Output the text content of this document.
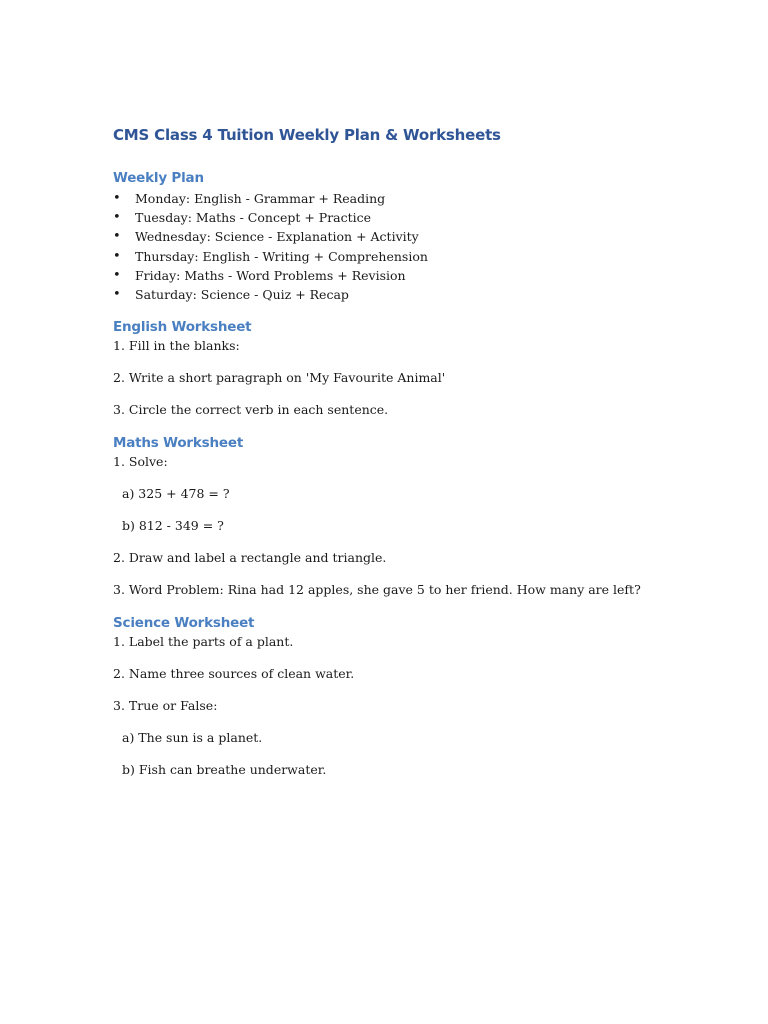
CMS Class 4 Tuition Weekly Plan & Worksheets
Weekly Plan
• Monday: English - Grammar + Reading
• Tuesday: Maths - Concept + Practice
• Wednesday: Science - Explanation + Activity
• Thursday: English - Writing + Comprehension
• Friday: Maths - Word Problems + Revision
• Saturday: Science - Quiz + Recap
English Worksheet

1. Fill in the blanks:

2. Write a short paragraph on 'My Favourite Animal'

3. Circle the correct verb in each sentence.

Maths Worksheet

1. Solve:

a) 325 + 478 = ?

b) 812 - 349 = ?

2. Draw and label a rectangle and triangle.

3. Word Problem: Rina had 12 apples, she gave 5 to her friend. How many are left?

Science Worksheet

1. Label the parts of a plant.

2. Name three sources of clean water.

3. True or False:

a) The sun is a planet.

b) Fish can breathe underwater.
